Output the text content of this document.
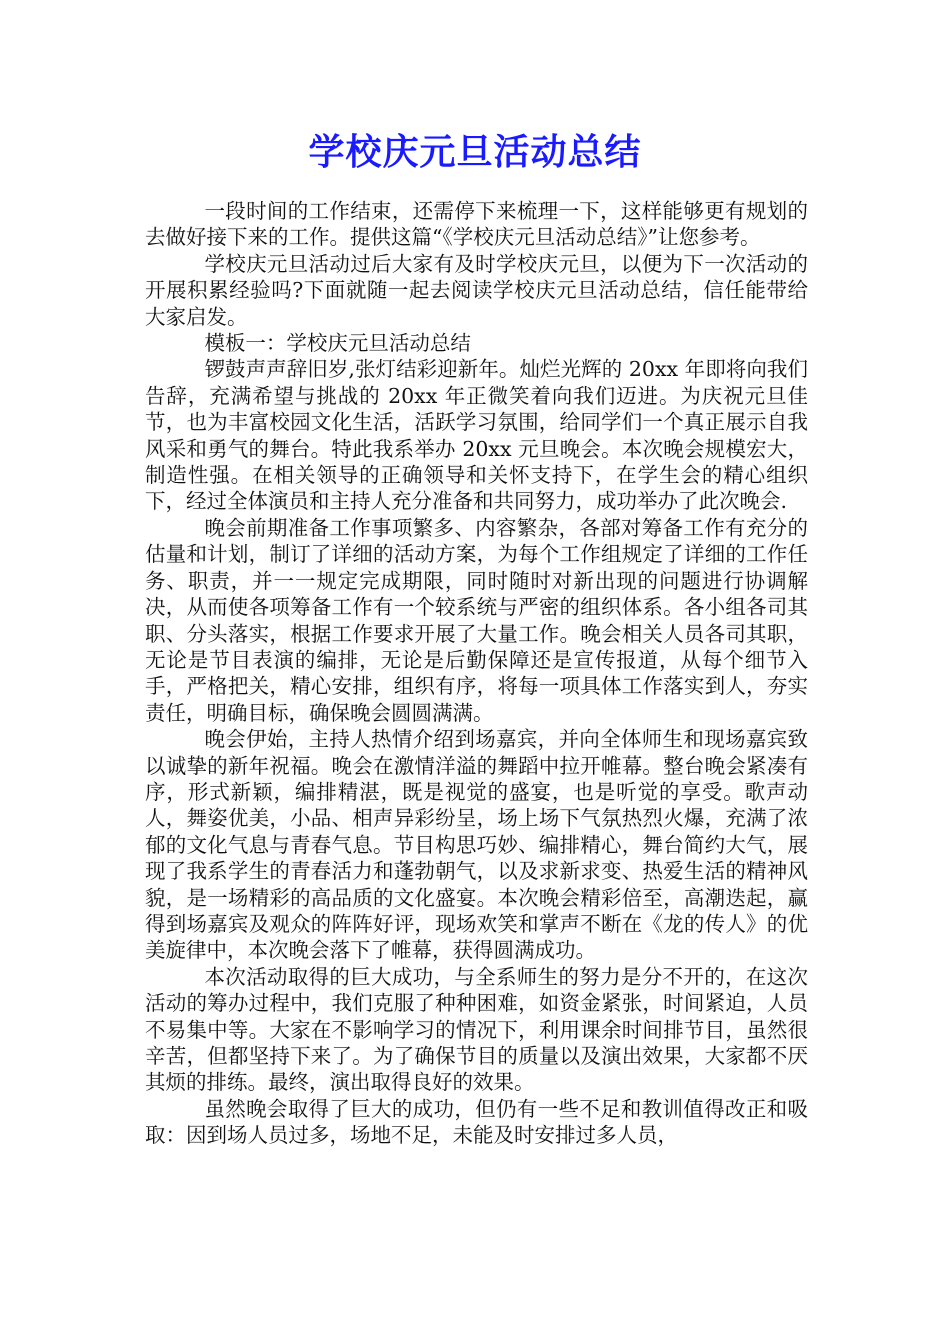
学校庆元旦活动总结

一段时间的工作结束，还需停下来梳理一下，这样能够更有规划的去做好接下来的工作。提供这篇“《学校庆元旦活动总结》”让您参考。

学校庆元旦活动过后大家有及时学校庆元旦，以便为下一次活动的开展积累经验吗?下面就随一起去阅读学校庆元旦活动总结，信任能带给大家启发。

模板一：学校庆元旦活动总结

锣鼓声声辞旧岁,张灯结彩迎新年。灿烂光辉的 20xx 年即将向我们告辞，充满希望与挑战的 20xx 年正微笑着向我们迈进。为庆祝元旦佳节，也为丰富校园文化生活，活跃学习氛围，给同学们一个真正展示自我风采和勇气的舞台。特此我系举办 20xx 元旦晚会。本次晚会规模宏大，制造性强。在相关领导的正确领导和关怀支持下，在学生会的精心组织下，经过全体演员和主持人充分准备和共同努力，成功举办了此次晚会.

晚会前期准备工作事项繁多、内容繁杂，各部对筹备工作有充分的估量和计划，制订了详细的活动方案，为每个工作组规定了详细的工作任务、职责，并一一规定完成期限，同时随时对新出现的问题进行协调解决，从而使各项筹备工作有一个较系统与严密的组织体系。各小组各司其职、分头落实，根据工作要求开展了大量工作。晚会相关人员各司其职，无论是节目表演的编排，无论是后勤保障还是宣传报道，从每个细节入手，严格把关，精心安排，组织有序，将每一项具体工作落实到人，夯实责任，明确目标，确保晚会圆圆满满。

晚会伊始，主持人热情介绍到场嘉宾，并向全体师生和现场嘉宾致以诚挚的新年祝福。晚会在激情洋溢的舞蹈中拉开帷幕。整台晚会紧凑有序，形式新颖，编排精湛，既是视觉的盛宴，也是听觉的享受。歌声动人，舞姿优美，小品、相声异彩纷呈，场上场下气氛热烈火爆，充满了浓郁的文化气息与青春气息。节目构思巧妙、编排精心，舞台简约大气，展现了我系学生的青春活力和蓬勃朝气，以及求新求变、热爱生活的精神风貌，是一场精彩的高品质的文化盛宴。本次晚会精彩倍至，高潮迭起，赢得到场嘉宾及观众的阵阵好评，现场欢笑和掌声不断在《龙的传人》的优美旋律中，本次晚会落下了帷幕，获得圆满成功。

本次活动取得的巨大成功，与全系师生的努力是分不开的，在这次活动的筹办过程中，我们克服了种种困难，如资金紧张，时间紧迫，人员不易集中等。大家在不影响学习的情况下，利用课余时间排节目，虽然很辛苦，但都坚持下来了。为了确保节目的质量以及演出效果，大家都不厌其烦的排练。最终，演出取得良好的效果。

虽然晚会取得了巨大的成功，但仍有一些不足和教训值得改正和吸取：因到场人员过多，场地不足，未能及时安排过多人员，
